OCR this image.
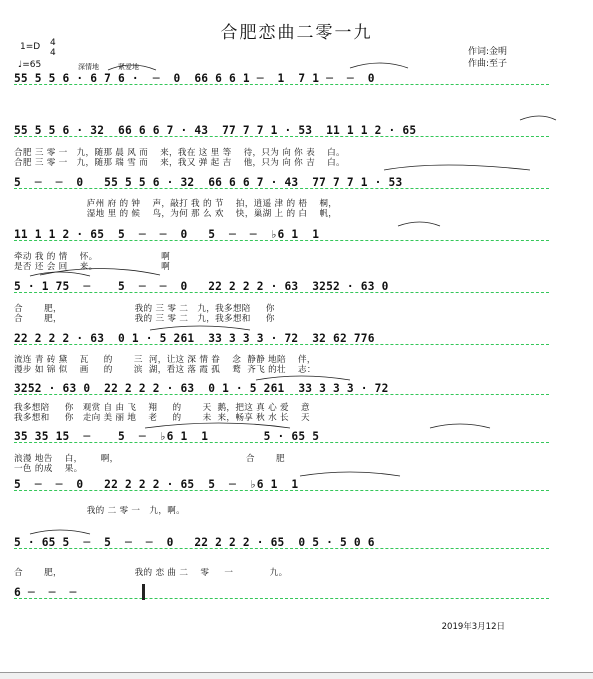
合肥恋曲二零一九
1=D 4
4
♩=65	深情地	紧爱地
作词:金明
作曲:至子
55 5 5 6 · 6 7 6 ·  ─  0  66 6 6 1 ─  1  7 1 ─  ─  0
55 5 5 6 · 32  66 6 6 7 · 43  77 7 7 1 · 53  11 1 1 2 · 65
合肥 三 零 一   九，随那 晨 风 而    来，我在 这 里 等    待，只为 向 你 表    白。
合肥 三 零 一   九，随那 瑞 雪 而    来，我又 弹 起 吉    他，只为 向 你 吉    白。
5  ─  ─  0   55 5 5 6 · 32  66 6 6 7 · 43  77 7 7 1 · 53
庐州 府 的 钟    声，敲打 我 的 节    拍，逍遥 津 的 梧    桐，
湿地 里 的 候    鸟，为何 那 么 欢    快，巢湖 上 的 白    帆，
11 1 1 2 · 65  5  ─  ─  0   5  ─  ─  ♭6 1  1
牵动 我 的 情    怀。                     啊
是否 还 会 回    来。                     啊
5 · 1 75  ─    5  ─  ─  0   22 2 2 2 · 63  3252 · 63 0
合       肥，                        我的 三 零 二   九，我多想陪     你
合       肥，                        我的 三 零 二   九，我多想和     你
22 2 2 2 · 63  0 1 · 5 261  33 3 3 3 · 72  32 62 776
流连 青 砖 黛    瓦     的       三  河，让这 深 情 眷    念  静静 地陪    伴，
漫步 如 锦 似    画     的       滨  湖，看这 落 霞 孤    鹜  齐飞 的壮    志：
3252 · 63 0  22 2 2 2 · 63  0 1 · 5 261  33 3 3 3 · 72
我多想陪     你   观赏 自 由 飞    翔     的       天  鹅，把这 真 心 爱    意
我多想和     你   走向 美 丽 地    老     的       未  来，畅享 秋 水 长    天
35 35 15  ─    5  ─  ♭6 1  1        5 · 65 5
浪漫 地告    白，      啊，                                          合       肥
一色 的成    果。
5  ─  ─  0   22 2 2 2 · 65  5  ─  ♭6 1  1
我的 二 零 一   九，啊。
5 · 65 5  ─  5  ─  ─  0   22 2 2 2 · 65  0 5 · 5 0 6
合       肥，                        我的 恋 曲 二    零     一            九。
6 ─  ─  ─
2019年3月12日
